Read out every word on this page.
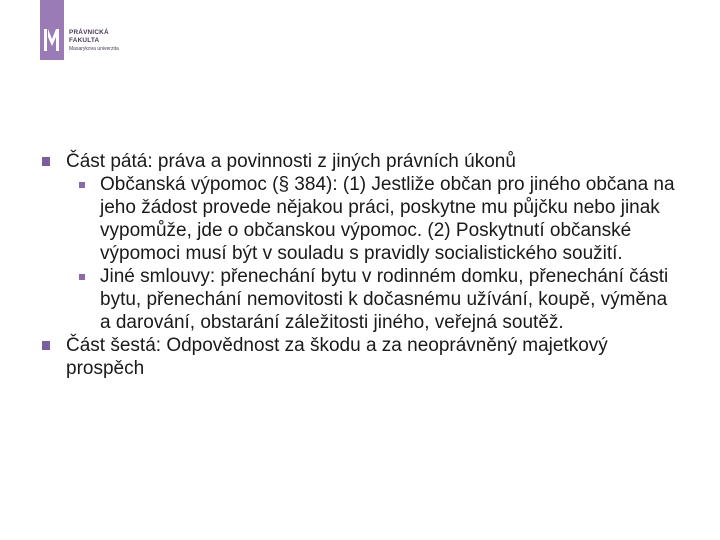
PRÁVNICKÁ
FAKULTA
Masarykova univerzita
Část pátá: práva a povinnosti z jiných právních úkonů
Občanská výpomoc (§ 384): (1) Jestliže občan pro jiného občana na jeho žádost provede nějakou práci, poskytne mu půjčku nebo jinak vypomůže, jde o občanskou výpomoc. (2) Poskytnutí občanské výpomoci musí být v souladu s pravidly socialistického soužití.
Jiné smlouvy: přenechání bytu v rodinném domku, přenechání části bytu, přenechání nemovitosti k dočasnému užívání, koupě, výměna a darování, obstarání záležitosti jiného, veřejná soutěž.
Část šestá: Odpovědnost za škodu a za neoprávněný majetkový prospěch
